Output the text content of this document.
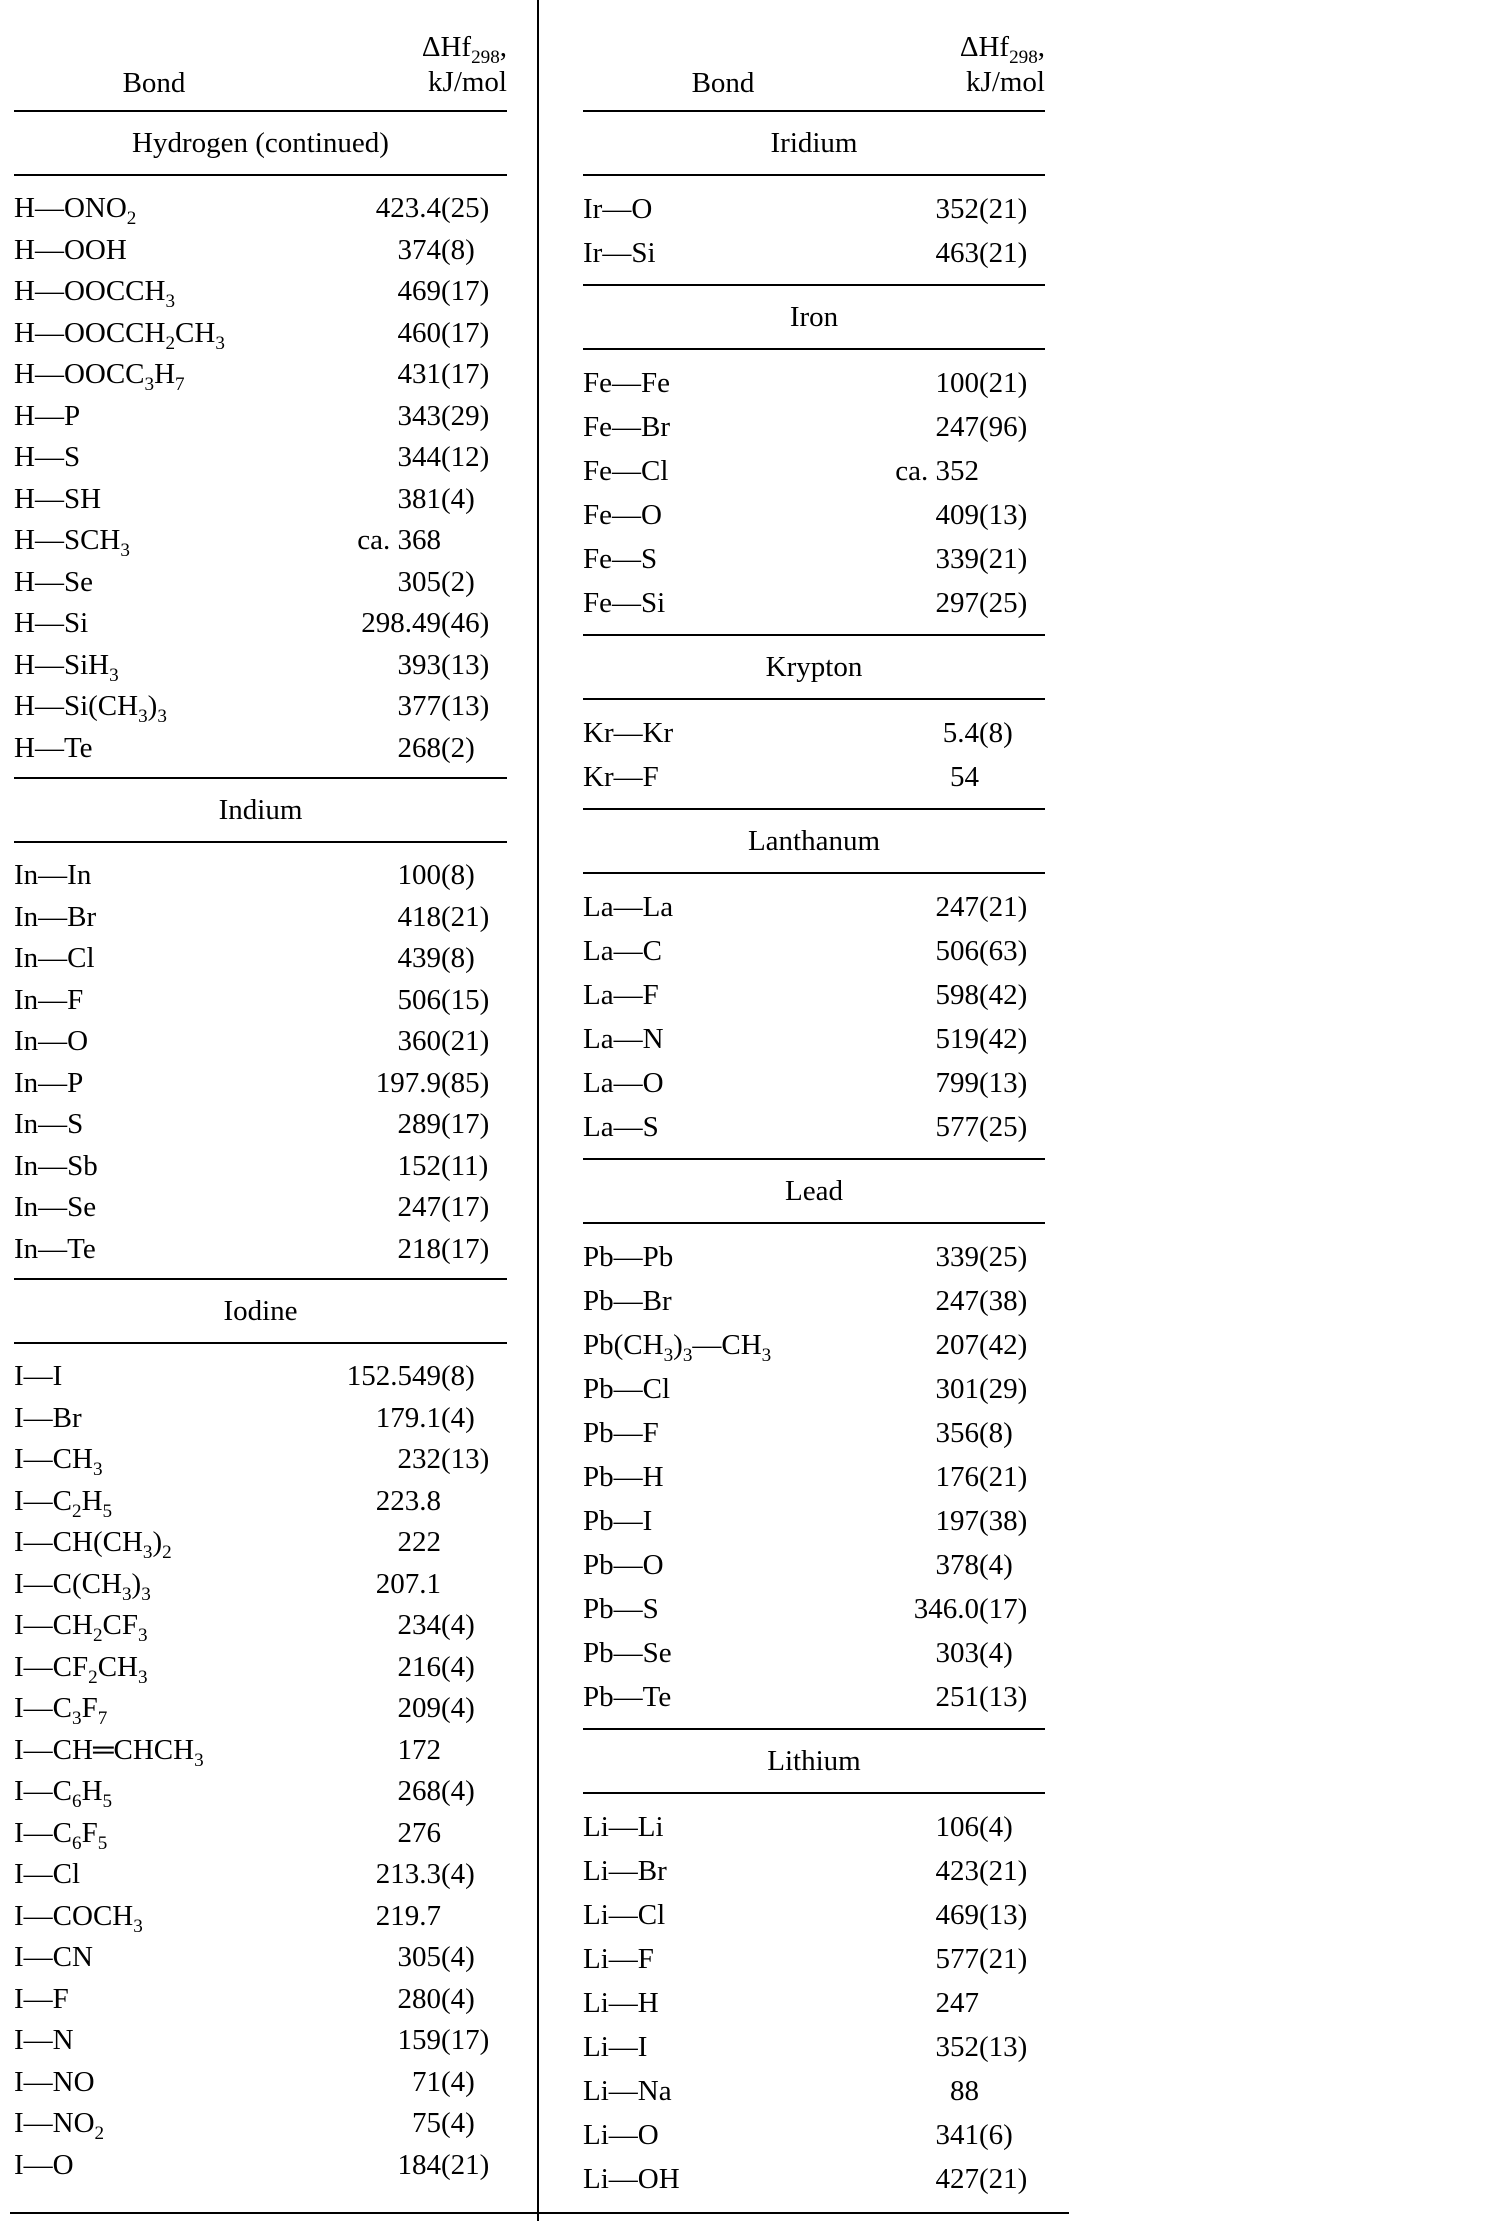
Bond
ΔHf$_{298}$,
kJ/mol
Hydrogen (continued)
$H—ONO_2$	423.4 (25)
H—OOH	374 (8)
$H—OOCCH_3$	469 (17)
$H—OOCCH_2CH_3$	460 (17)
$H—OOCC_3H_7$	431 (17)
H—P	343 (29)
H—S	344 (12)
H—SH	381 (4)
$H—SCH_3$	ca. 368
H—Se	305 (2)
H—Si	298.49 (46)
H—SiH$_3$	393 (13)
$H—Si(CH_3)_3$	377 (13)
H—Te	268 (2)
Indium
In—In	100 (8)
In—Br	418 (21)
In—Cl	439 (8)
In—F	506 (15)
In—O	360 (21)
In—P	197.9 (85)
In—S	289 (17)
In—Sb	152 (11)
In—Se	247 (17)
In—Te	218 (17)
Iodine
I—I	152.549 (8)
I—Br	179.1 (4)
$I—CH_3$	232 (13)
$I—C_2H_5$	223.8
$I—CH(CH_3)_2$	222
$I—C(CH_3)_3$	207.1
$I—CH_2CF_3$	234 (4)
$I—CF_2CH_3$	216 (4)
$I—C_3F_7$	209 (4)
$I—CH═CHCH_3$	172
$I—C_6H_5$	268 (4)
$I—C_6F_5$	276
I—Cl	213.3 (4)
$I—COCH_3$	219.7
I—CN	305 (4)
I—F	280 (4)
I—N	159 (17)
I—NO	71 (4)
$I—NO_2$	75 (4)
I—O	184 (21)
Bond
ΔHf$_{298}$,
kJ/mol
Iridium
Ir—O	352 (21)
Ir—Si	463 (21)
Iron
Fe—Fe	100 (21)
Fe—Br	247 (96)
Fe—Cl	ca. 352
Fe—O	409 (13)
Fe—S	339 (21)
Fe—Si	297 (25)
Krypton
Kr—Kr	5.4 (8)
Kr—F	54
Lanthanum
La—La	247 (21)
La—C	506 (63)
La—F	598 (42)
La—N	519 (42)
La—O	799 (13)
La—S	577 (25)
Lead
Pb—Pb	339 (25)
Pb—Br	247 (38)
$Pb(CH_3)_3—CH_3$	207 (42)
Pb—Cl	301 (29)
Pb—F	356 (8)
Pb—H	176 (21)
Pb—I	197 (38)
Pb—O	378 (4)
Pb—S	346.0 (17)
Pb—Se	303 (4)
Pb—Te	251 (13)
Lithium
Li—Li	106 (4)
Li—Br	423 (21)
Li—Cl	469 (13)
Li—F	577 (21)
Li—H	247
Li—I	352 (13)
Li—Na	88
Li—O	341 (6)
Li—OH	427 (21)
